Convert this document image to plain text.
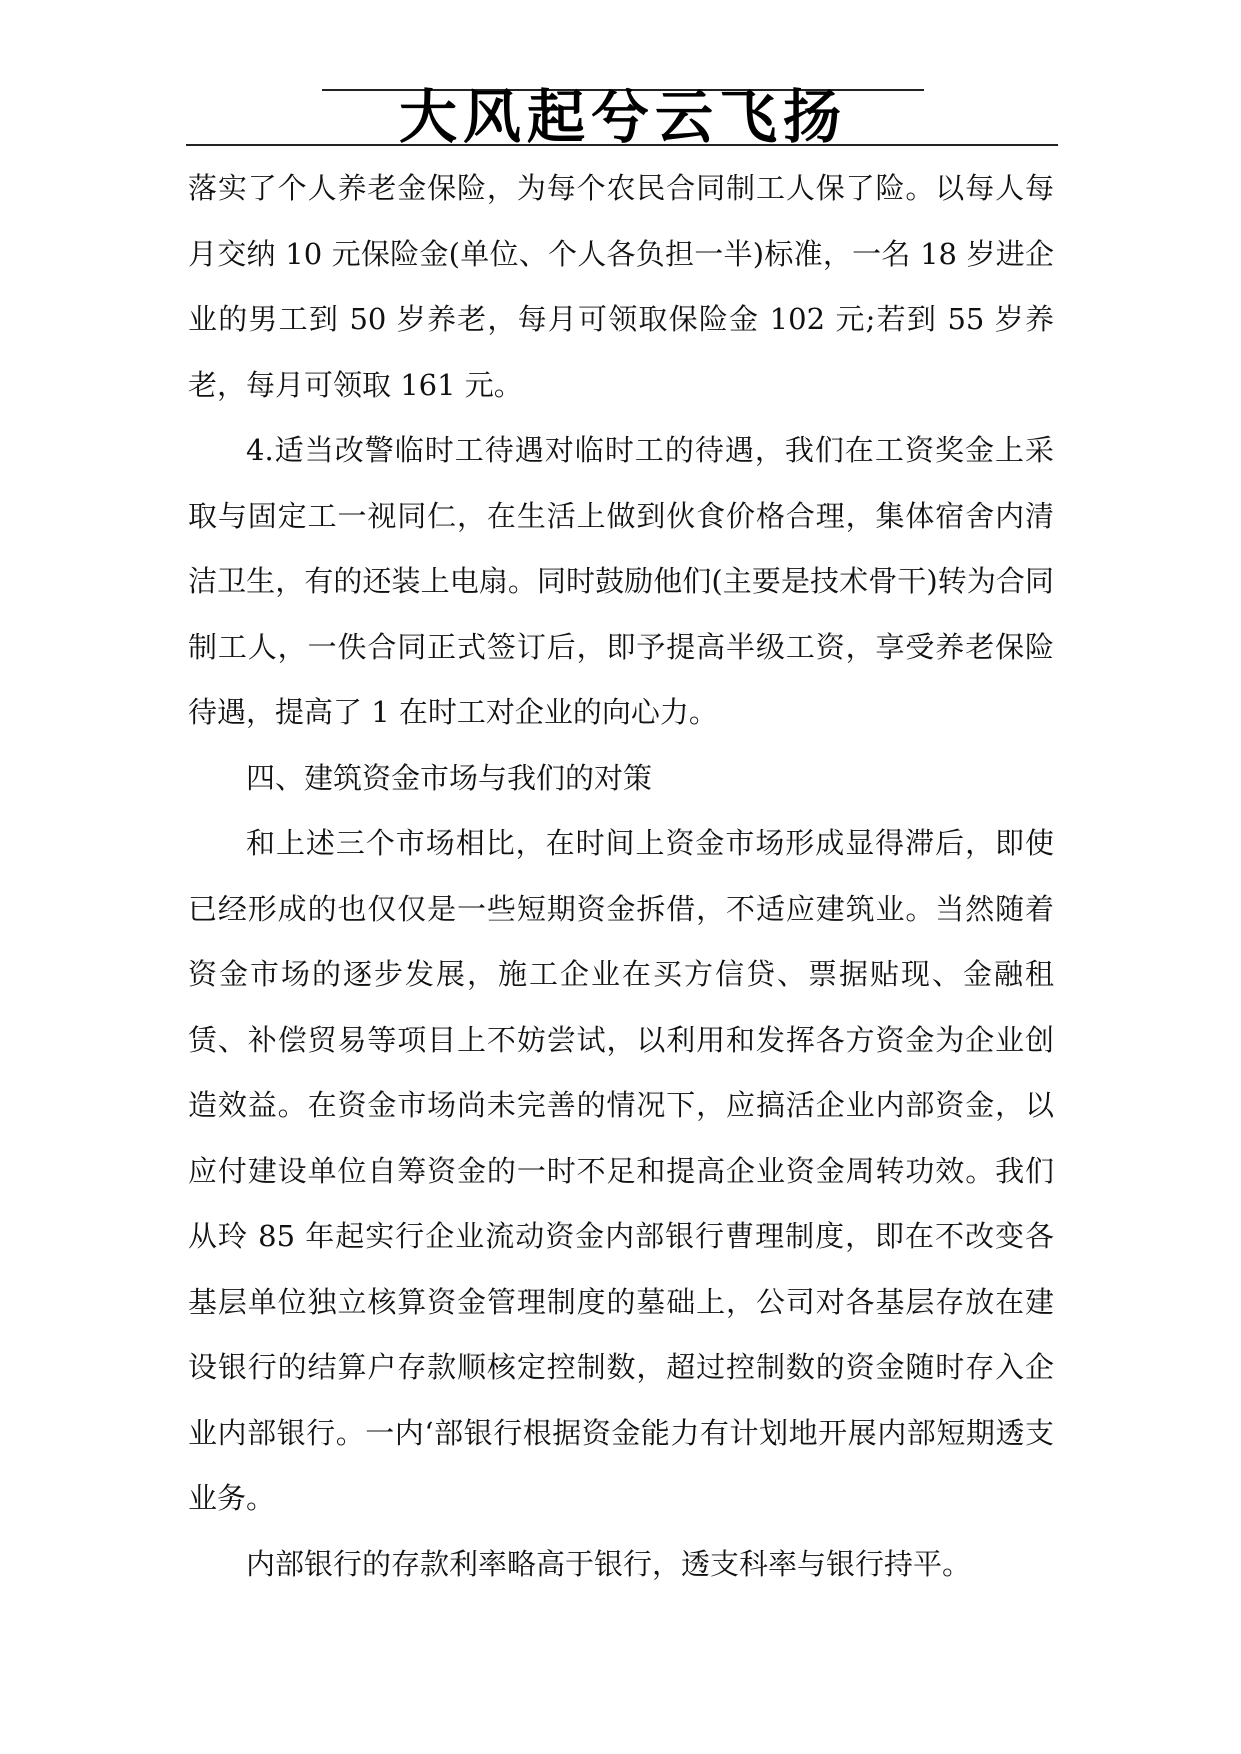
大风起兮云飞扬

落实了个人养老金保险，为每个农民合同制工人保了险。以每人每月交纳 10 元保险金(单位、个人各负担一半)标准，一名 18 岁进企业的男工到 50 岁养老，每月可领取保险金 102 元;若到 55 岁养老，每月可领取 161 元。

4.适当改警临时工待遇对临时工的待遇，我们在工资奖金上采取与固定工一视同仁，在生活上做到伙食价格合理，集体宿舍内清洁卫生，有的还装上电扇。同时鼓励他们(主要是技术骨干)转为合同制工人，一佚合同正式签订后，即予提高半级工资，享受养老保险待遇，提高了 1 在时工对企业的向心力。

四、建筑资金市场与我们的对策

和上述三个市场相比，在时间上资金市场形成显得滞后，即使已经形成的也仅仅是一些短期资金拆借，不适应建筑业。当然随着资金市场的逐步发展，施工企业在买方信贷、票据贴现、金融租赁、补偿贸易等项目上不妨尝试，以利用和发挥各方资金为企业创造效益。在资金市场尚未完善的情况下，应搞活企业内部资金，以应付建设单位自筹资金的一时不足和提高企业资金周转功效。我们从玲 85 年起实行企业流动资金内部银行曹理制度，即在不改变各基层单位独立核算资金管理制度的墓础上，公司对各基层存放在建设银行的结算户存款顺核定控制数，超过控制数的资金随时存入企业内部银行。一内‘部银行根据资金能力有计划地开展内部短期透支业务。

内部银行的存款利率略高于银行，透支科率与银行持平。
